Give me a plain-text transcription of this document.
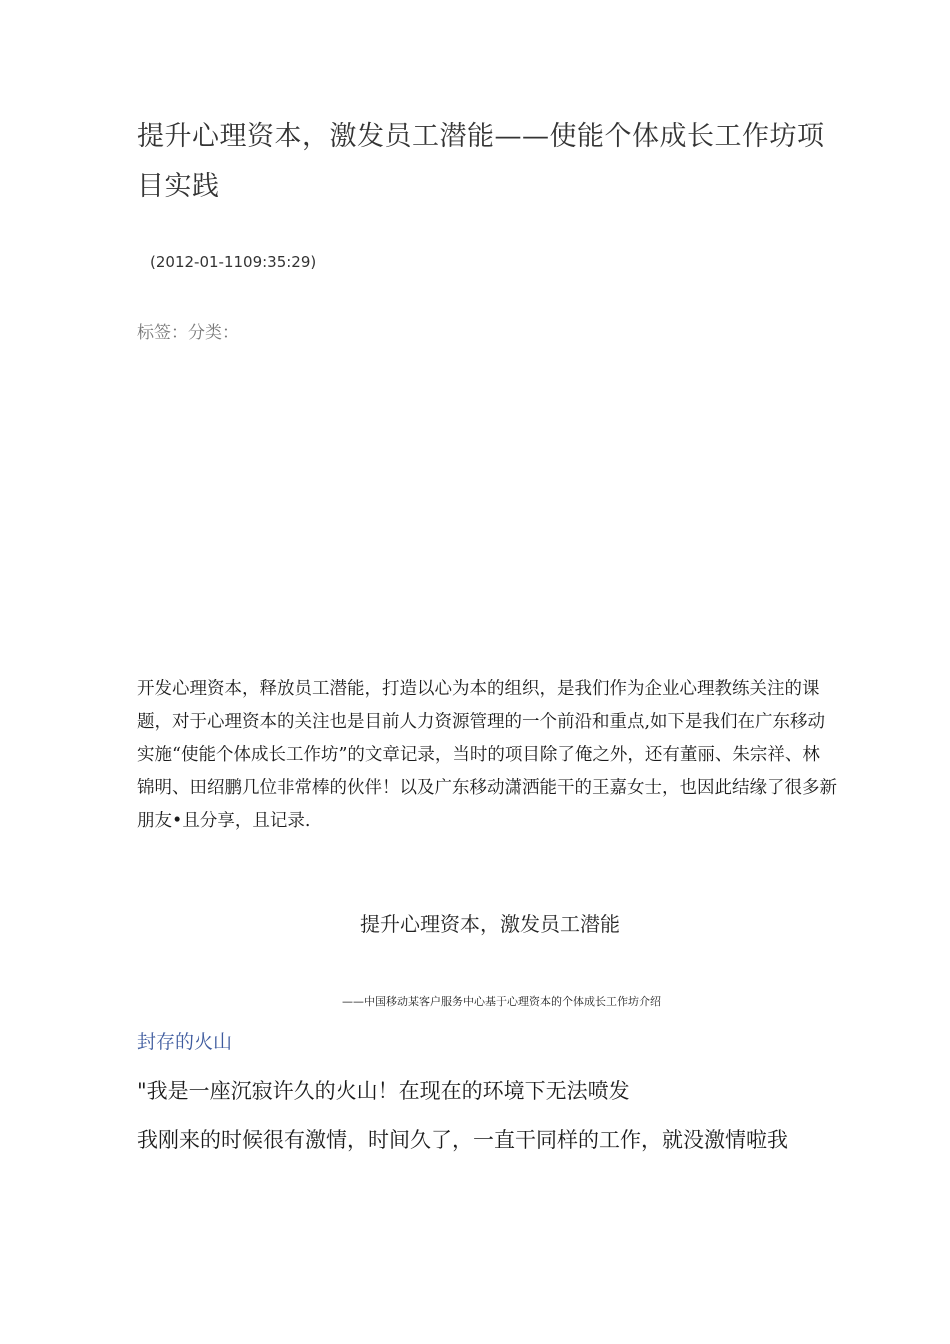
提升心理资本，激发员工潜能——使能个体成长工作坊项目实践
(2012-01-1109:35:29)
标签：分类：

开发心理资本，释放员工潜能，打造以心为本的组织，是我们作为企业心理教练关注的课题，对于心理资本的关注也是目前人力资源管理的一个前沿和重点,如下是我们在广东移动实施“使能个体成长工作坊”的文章记录，当时的项目除了俺之外，还有董丽、朱宗祥、林锦明、田绍鹏几位非常棒的伙伴！以及广东移动潇洒能干的王嘉女士，也因此结缘了很多新朋友•且分享，且记录.

提升心理资本，激发员工潜能
——中国移动某客户服务中心基于心理资本的个体成长工作坊介绍
封存的火山
"我是一座沉寂许久的火山！在现在的环境下无法喷发
我刚来的时候很有激情，时间久了，一直干同样的工作，就没激情啦我
